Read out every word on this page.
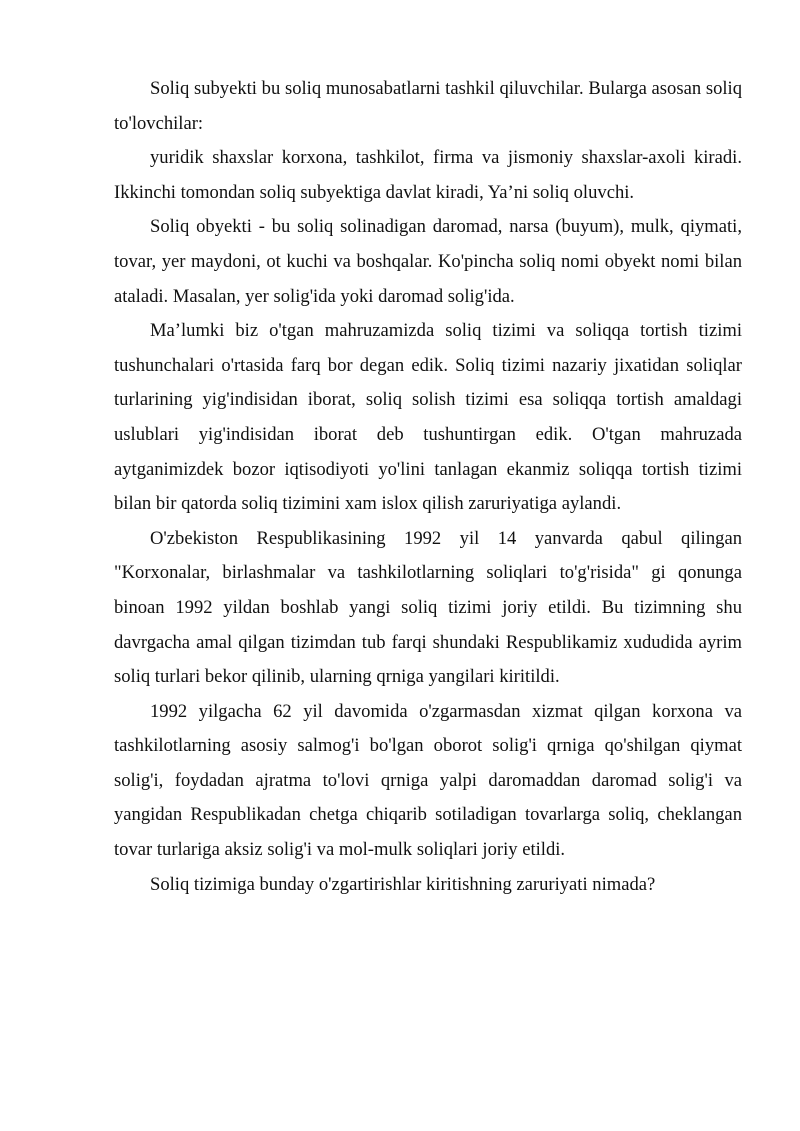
Soliq subyekti bu soliq munosabatlarni tashkil qiluvchilar. Bularga asosan soliq to'lovchilar:

yuridik shaxslar korxona, tashkilot, firma va jismoniy shaxslar-axoli kiradi. Ikkinchi tomondan soliq subyektiga davlat kiradi, Ya’ni soliq oluvchi.

Soliq obyekti - bu soliq solinadigan daromad, narsa (buyum), mulk, qiymati, tovar, yer maydoni, ot kuchi va boshqalar. Ko'pincha soliq nomi obyekt nomi bilan ataladi. Masalan, yer solig'ida yoki daromad solig'ida.

Ma’lumki biz o'tgan mahruzamizda soliq tizimi va soliqqa tortish tizimi tushunchalari o'rtasida farq bor degan edik. Soliq tizimi nazariy jixatidan soliqlar turlarining yig'indisidan iborat, soliq solish tizimi esa soliqqa tortish amaldagi uslublari yig'indisidan iborat deb tushuntirgan edik. O'tgan mahruzada aytganimizdek bozor iqtisodiyoti yo'lini tanlagan ekanmiz soliqqa tortish tizimi bilan bir qatorda soliq tizimini xam islox qilish zaruriyatiga aylandi.

O'zbekiston Respublikasining 1992 yil 14 yanvarda qabul qilingan "Korxonalar, birlashmalar va tashkilotlarning soliqlari to'g'risida" gi qonunga binoan 1992 yildan boshlab yangi soliq tizimi joriy etildi. Bu tizimning shu davrgacha amal qilgan tizimdan tub farqi shundaki Respublikamiz xududida ayrim soliq turlari bekor qilinib, ularning qrniga yangilari kiritildi.

1992 yilgacha 62 yil davomida o'zgarmasdan xizmat qilgan korxona va tashkilotlarning asosiy salmog'i bo'lgan oborot solig'i qrniga qo'shilgan qiymat solig'i, foydadan ajratma to'lovi qrniga yalpi daromaddan daromad solig'i va yangidan Respublikadan chetga chiqarib sotiladigan tovarlarga soliq, cheklangan tovar turlariga aksiz solig'i va mol-mulk soliqlari joriy etildi.

Soliq tizimiga bunday o'zgartirishlar kiritishning zaruriyati nimada?
